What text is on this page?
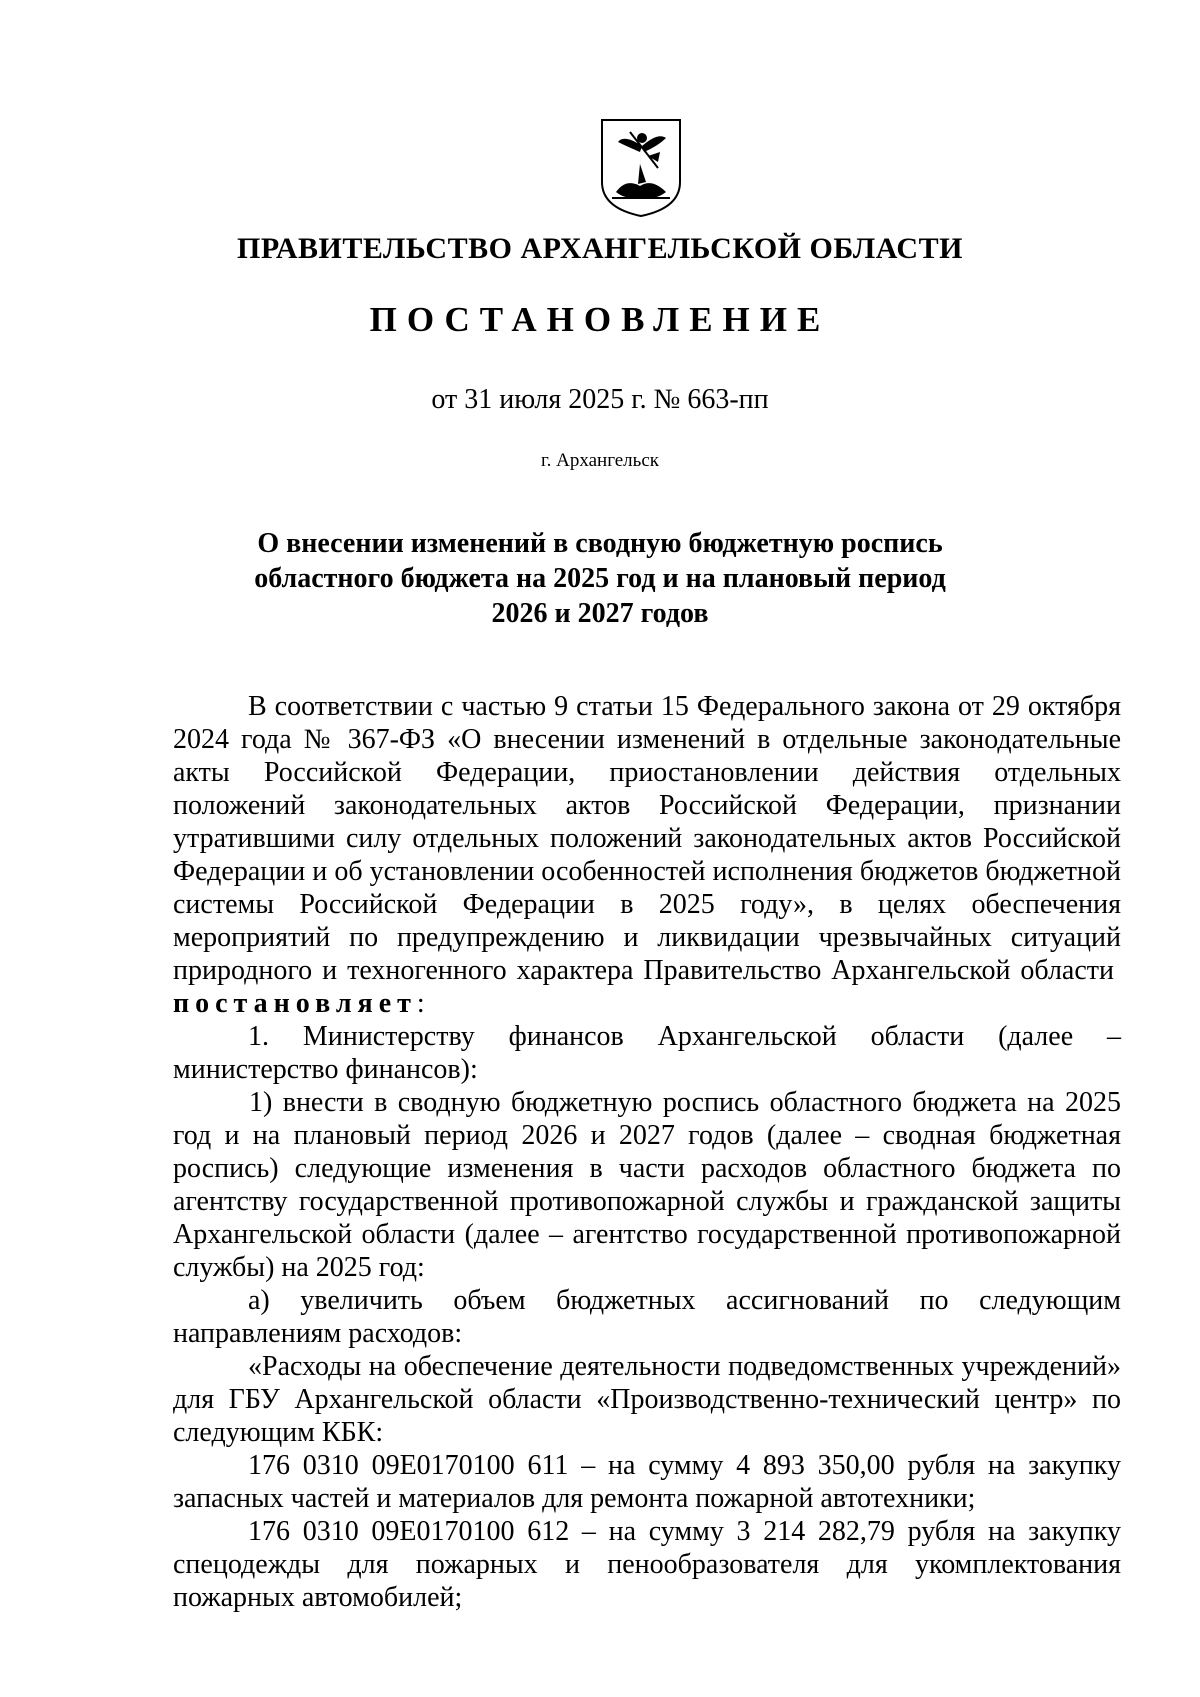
ПРАВИТЕЛЬСТВО АРХАНГЕЛЬСКОЙ ОБЛАСТИ
ПОСТАНОВЛЕНИЕ
от 31 июля 2025 г. № 663-пп
г. Архангельск
О внесении изменений в сводную бюджетную роспись
областного бюджета на 2025 год и на плановый период
2026 и 2027 годов

В соответствии с частью 9 статьи 15 Федерального закона от 29 октября 2024 года № 367-ФЗ «О внесении изменений в отдельные законодательные акты Российской Федерации, приостановлении действия отдельных положений законодательных актов Российской Федерации, признании утратившими силу отдельных положений законодательных актов Российской Федерации и об установлении особенностей исполнения бюджетов бюджетной системы Российской Федерации в 2025 году», в целях обеспечения мероприятий по предупреждению и ликвидации чрезвычайных ситуаций природного и техногенного характера Правительство Архангельской области  постановляет:

1. Министерству финансов Архангельской области (далее – министерство финансов):

1) внести в сводную бюджетную роспись областного бюджета на 2025 год и на плановый период 2026 и 2027 годов (далее – сводная бюджетная роспись) следующие изменения в части расходов областного бюджета по агентству государственной противопожарной службы и гражданской защиты Архангельской области (далее – агентство государственной противопожарной службы) на 2025 год:

а) увеличить объем бюджетных ассигнований по следующим направлениям расходов:

«Расходы на обеспечение деятельности подведомственных учреждений» для ГБУ Архангельской области «Производственно-технический центр» по следующим КБК:

176 0310 09Е0170100 611 – на сумму 4 893 350,00 рубля на закупку запасных частей и материалов для ремонта пожарной автотехники;

176 0310 09Е0170100 612 – на сумму 3 214 282,79 рубля на закупку спецодежды для пожарных и пенообразователя для укомплектования пожарных автомобилей;
